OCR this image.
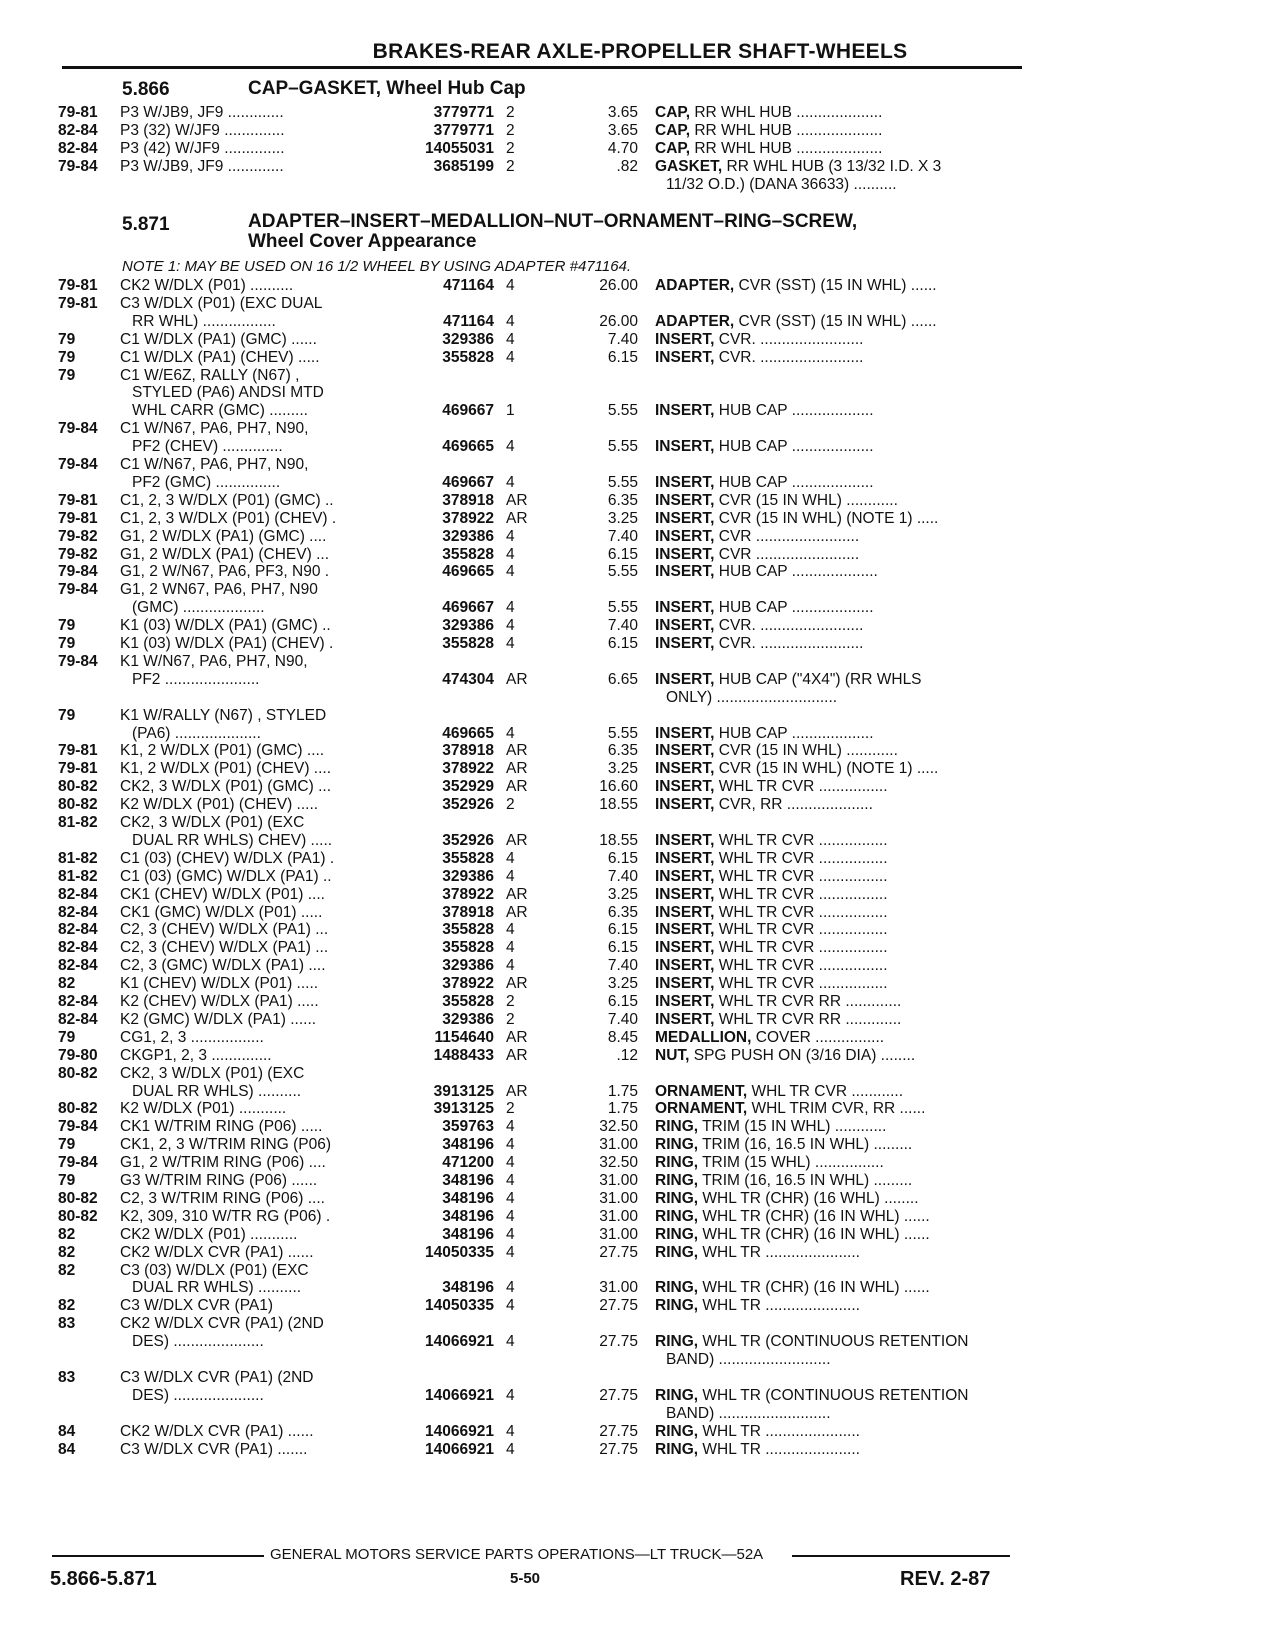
BRAKES-REAR AXLE-PROPELLER SHAFT-WHEELS
5.866	CAP–GASKET, Wheel Hub Cap
79-81 P3 W/JB9, JF9 .............	3779771 2	3.65 CAP, RR WHL HUB ....................
82-84 P3 (32) W/JF9 ..............	3779771 2	3.65 CAP, RR WHL HUB ....................
82-84 P3 (42) W/JF9 ..............	14055031 2	4.70 CAP, RR WHL HUB ....................
79-84 P3 W/JB9, JF9 .............	3685199 2	.82 GASKET, RR WHL HUB (3 13/32 I.D. X 3
11/32 O.D.) (DANA 36633) ..........
5.871	ADAPTER–INSERT–MEDALLION–NUT–ORNAMENT–RING–SCREW,
Wheel Cover Appearance
NOTE 1: MAY BE USED ON 16 1/2 WHEEL BY USING ADAPTER #471164.
79-81 CK2 W/DLX (P01) ..........	471164 4	26.00 ADAPTER, CVR (SST) (15 IN WHL) ......
79-81 C3 W/DLX (P01) (EXC DUAL
RR WHL) .................	471164 4	26.00 ADAPTER, CVR (SST) (15 IN WHL) ......
79	C1 W/DLX (PA1) (GMC) ......	329386 4	7.40 INSERT, CVR. ........................
79	C1 W/DLX (PA1) (CHEV) .....	355828 4	6.15 INSERT, CVR. ........................
79	C1 W/E6Z, RALLY (N67) ,
STYLED (PA6) ANDSI MTD
WHL CARR (GMC) .........	469667 1	5.55 INSERT, HUB CAP ...................
79-84 C1 W/N67, PA6, PH7, N90,
PF2 (CHEV) ..............	469665 4	5.55 INSERT, HUB CAP ...................
79-84 C1 W/N67, PA6, PH7, N90,
PF2 (GMC) ...............	469667 4	5.55 INSERT, HUB CAP ...................
79-81 C1, 2, 3 W/DLX (P01) (GMC) ..	378918 AR	6.35 INSERT, CVR (15 IN WHL) ............
79-81 C1, 2, 3 W/DLX (P01) (CHEV) .	378922 AR	3.25 INSERT, CVR (15 IN WHL) (NOTE 1) .....
79-82 G1, 2 W/DLX (PA1) (GMC) ....	329386 4	7.40 INSERT, CVR ........................
79-82 G1, 2 W/DLX (PA1) (CHEV) ...	355828 4	6.15 INSERT, CVR ........................
79-84 G1, 2 W/N67, PA6, PF3, N90 .	469665 4	5.55 INSERT, HUB CAP ....................
79-84 G1, 2 WN67, PA6, PH7, N90
(GMC) ...................	469667 4	5.55 INSERT, HUB CAP ...................
79	K1 (03) W/DLX (PA1) (GMC) ..	329386 4	7.40 INSERT, CVR. ........................
79	K1 (03) W/DLX (PA1) (CHEV) .	355828 4	6.15 INSERT, CVR. ........................
79-84 K1 W/N67, PA6, PH7, N90,
PF2 ......................	474304 AR	6.65 INSERT, HUB CAP ("4X4") (RR WHLS
ONLY) ............................
79	K1 W/RALLY (N67) , STYLED
(PA6) ....................	469665 4	5.55 INSERT, HUB CAP ...................
79-81 K1, 2 W/DLX (P01) (GMC) ....	378918 AR	6.35 INSERT, CVR (15 IN WHL) ............
79-81 K1, 2 W/DLX (P01) (CHEV) ....	378922 AR	3.25 INSERT, CVR (15 IN WHL) (NOTE 1) .....
80-82 CK2, 3 W/DLX (P01) (GMC) ...	352929 AR	16.60 INSERT, WHL TR CVR ................
80-82 K2 W/DLX (P01) (CHEV) .....	352926 2	18.55 INSERT, CVR, RR ....................
81-82 CK2, 3 W/DLX (P01) (EXC
DUAL RR WHLS) CHEV) .....	352926 AR	18.55 INSERT, WHL TR CVR ................
81-82 C1 (03) (CHEV) W/DLX (PA1) .	355828 4	6.15 INSERT, WHL TR CVR ................
81-82 C1 (03) (GMC) W/DLX (PA1) ..	329386 4	7.40 INSERT, WHL TR CVR ................
82-84 CK1 (CHEV) W/DLX (P01) ....	378922 AR	3.25 INSERT, WHL TR CVR ................
82-84 CK1 (GMC) W/DLX (P01) .....	378918 AR	6.35 INSERT, WHL TR CVR ................
82-84 C2, 3 (CHEV) W/DLX (PA1) ...	355828 4	6.15 INSERT, WHL TR CVR ................
82-84 C2, 3 (CHEV) W/DLX (PA1) ...	355828 4	6.15 INSERT, WHL TR CVR ................
82-84 C2, 3 (GMC) W/DLX (PA1) ....	329386 4	7.40 INSERT, WHL TR CVR ................
82	K1 (CHEV) W/DLX (P01) .....	378922 AR	3.25 INSERT, WHL TR CVR ................
82-84 K2 (CHEV) W/DLX (PA1) .....	355828 2	6.15 INSERT, WHL TR CVR RR .............
82-84 K2 (GMC) W/DLX (PA1) ......	329386 2	7.40 INSERT, WHL TR CVR RR .............
79	CG1, 2, 3 .................	1154640 AR	8.45 MEDALLION, COVER ................
79-80 CKGP1, 2, 3 ..............	1488433 AR	.12 NUT, SPG PUSH ON (3/16 DIA) ........
80-82 CK2, 3 W/DLX (P01) (EXC
DUAL RR WHLS) ..........	3913125 AR	1.75 ORNAMENT, WHL TR CVR ............
80-82 K2 W/DLX (P01) ...........	3913125 2	1.75 ORNAMENT, WHL TRIM CVR, RR ......
79-84 CK1 W/TRIM RING (P06) .....	359763 4	32.50 RING, TRIM (15 IN WHL) ............
79	CK1, 2, 3 W/TRIM RING (P06)	348196 4	31.00 RING, TRIM (16, 16.5 IN WHL) .........
79-84 G1, 2 W/TRIM RING (P06) ....	471200 4	32.50 RING, TRIM (15 WHL) ................
79	G3 W/TRIM RING (P06) ......	348196 4	31.00 RING, TRIM (16, 16.5 IN WHL) .........
80-82 C2, 3 W/TRIM RING (P06) ....	348196 4	31.00 RING, WHL TR (CHR) (16 WHL) ........
80-82 K2, 309, 310 W/TR RG (P06) .	348196 4	31.00 RING, WHL TR (CHR) (16 IN WHL) ......
82	CK2 W/DLX (P01) ...........	348196 4	31.00 RING, WHL TR (CHR) (16 IN WHL) ......
82	CK2 W/DLX CVR (PA1) ......	14050335 4	27.75 RING, WHL TR ......................
82	C3 (03) W/DLX (P01) (EXC
DUAL RR WHLS) ..........	348196 4	31.00 RING, WHL TR (CHR) (16 IN WHL) ......
82	C3 W/DLX CVR (PA1)	14050335 4	27.75 RING, WHL TR ......................
83	CK2 W/DLX CVR (PA1) (2ND
DES) .....................	14066921 4	27.75 RING, WHL TR (CONTINUOUS RETENTION
BAND) ..........................
83	C3 W/DLX CVR (PA1) (2ND
DES) .....................	14066921 4	27.75 RING, WHL TR (CONTINUOUS RETENTION
BAND) ..........................
84	CK2 W/DLX CVR (PA1) ......	14066921 4	27.75 RING, WHL TR ......................
84	C3 W/DLX CVR (PA1) .......	14066921 4	27.75 RING, WHL TR ......................
GENERAL MOTORS SERVICE PARTS OPERATIONS—LT TRUCK—52A
5.866-5.871	5-50	REV. 2-87
